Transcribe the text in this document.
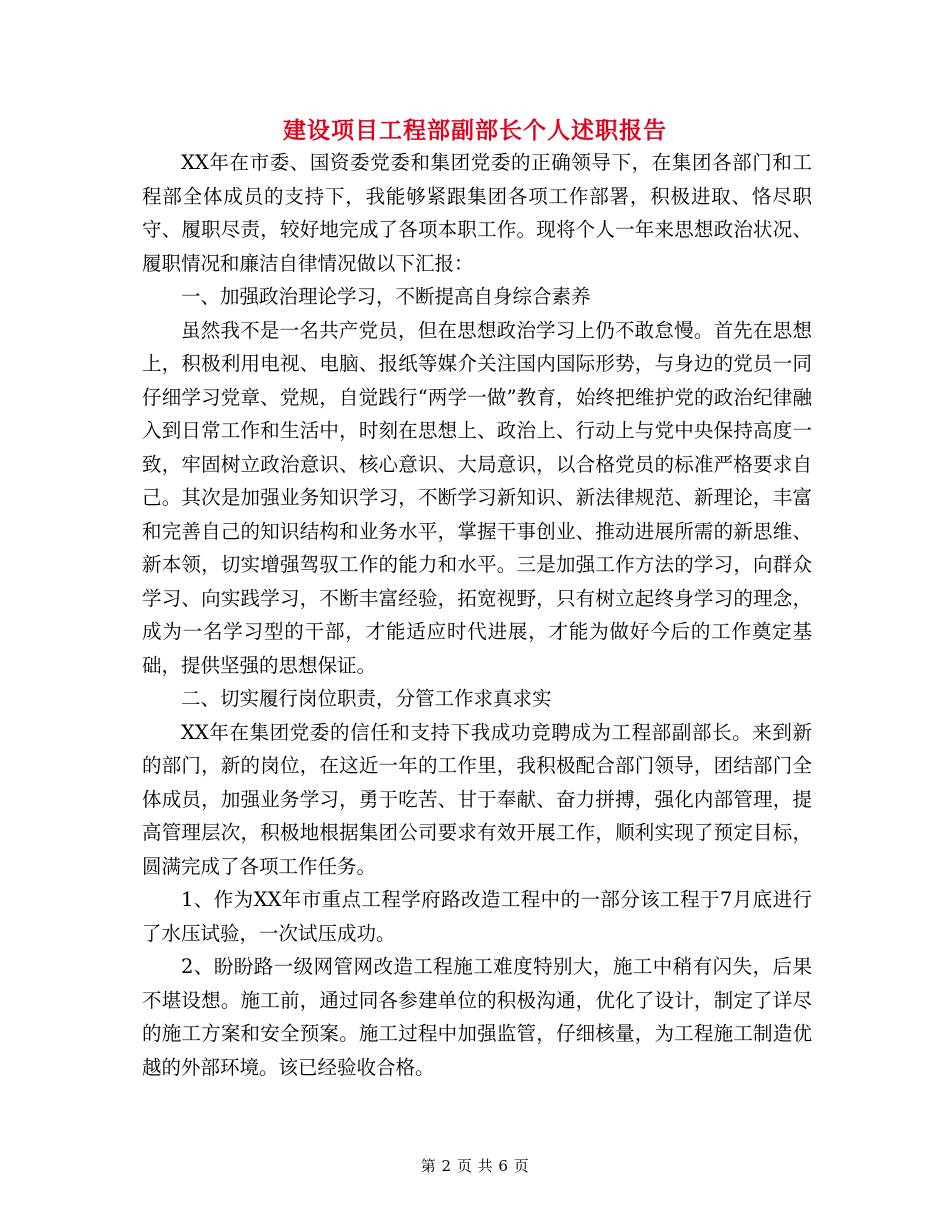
建设项目工程部副部长个人述职报告

XX年在市委、国资委党委和集团党委的正确领导下，在集团各部门和工程部全体成员的支持下，我能够紧跟集团各项工作部署，积极进取、恪尽职守、履职尽责，较好地完成了各项本职工作。现将个人一年来思想政治状况、履职情况和廉洁自律情况做以下汇报：

一、加强政治理论学习，不断提高自身综合素养

虽然我不是一名共产党员，但在思想政治学习上仍不敢怠慢。首先在思想上，积极利用电视、电脑、报纸等媒介关注国内国际形势，与身边的党员一同仔细学习党章、党规，自觉践行“两学一做”教育，始终把维护党的政治纪律融入到日常工作和生活中，时刻在思想上、政治上、行动上与党中央保持高度一致，牢固树立政治意识、核心意识、大局意识，以合格党员的标准严格要求自己。其次是加强业务知识学习，不断学习新知识、新法律规范、新理论，丰富和完善自己的知识结构和业务水平，掌握干事创业、推动进展所需的新思维、新本领，切实增强驾驭工作的能力和水平。三是加强工作方法的学习，向群众学习、向实践学习，不断丰富经验，拓宽视野，只有树立起终身学习的理念，成为一名学习型的干部，才能适应时代进展，才能为做好今后的工作奠定基础，提供坚强的思想保证。

二、切实履行岗位职责，分管工作求真求实

XX年在集团党委的信任和支持下我成功竞聘成为工程部副部长。来到新的部门，新的岗位，在这近一年的工作里，我积极配合部门领导，团结部门全体成员，加强业务学习，勇于吃苦、甘于奉献、奋力拼搏，强化内部管理，提高管理层次，积极地根据集团公司要求有效开展工作，顺利实现了预定目标，圆满完成了各项工作任务。

1、作为XX年市重点工程学府路改造工程中的一部分该工程于7月底进行了水压试验，一次试压成功。

2、盼盼路一级网管网改造工程施工难度特别大，施工中稍有闪失，后果不堪设想。施工前，通过同各参建单位的积极沟通，优化了设计，制定了详尽的施工方案和安全预案。施工过程中加强监管，仔细核量，为工程施工制造优越的外部环境。该已经验收合格。

第 2 页 共 6 页
